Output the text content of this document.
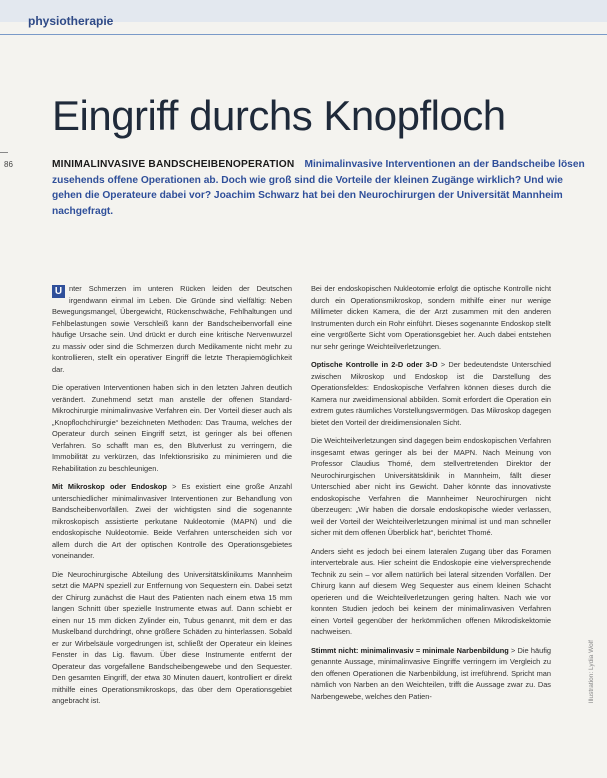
physiotherapie
86
Eingriff durchs Knopfloch
MINIMALINVASIVE BANDSCHEIBENOPERATION Minimalinvasive Interventionen an der Bandscheibe lösen zusehends offene Operationen ab. Doch wie groß sind die Vorteile der kleinen Zugänge wirklich? Und wie gehen die Operateure dabei vor? Joachim Schwarz hat bei den Neurochirurgen der Universität Mannheim nachgefragt.

U nter Schmerzen im unteren Rücken leiden der Deutschen irgendwann einmal im Leben. Die Gründe sind vielfältig: Neben Bewegungsmangel, Übergewicht, Rückenschwäche, Fehlhaltungen und Fehlbelastungen sowie Verschleiß kann der Bandscheibenvorfall eine häufige Ursache sein. Und drückt er durch eine kritische Nervenwurzel zu massiv oder sind die Schmerzen durch Medikamente nicht mehr zu kontrollieren, stellt ein operativer Eingriff die letzte Therapiemöglichkeit dar.

Die operativen Interventionen haben sich in den letzten Jahren deutlich verändert. Zunehmend setzt man anstelle der offenen Standard-Mikrochirurgie minimalinvasive Verfahren ein. Der Vorteil dieser auch als „Knopflochchirurgie“ bezeichneten Methoden: Das Trauma, welches der Operateur durch seinen Eingriff setzt, ist geringer als bei offenen Verfahren. So schafft man es, den Blutverlust zu verringern, die Immobilität zu verkürzen, das Infektionsrisiko zu minimieren und die Rehabilitation zu beschleunigen.

Mit Mikroskop oder Endoskop > Es existiert eine große Anzahl unterschiedlicher minimalinvasiver Interventionen zur Behandlung von Bandscheibenvorfällen. Zwei der wichtigsten sind die sogenannte mikroskopisch assistierte perkutane Nukleotomie (MAPN) und die endoskopische Nukleotomie. Beide Verfahren unterscheiden sich vor allem durch die Art der optischen Kontrolle des Operationsgebietes voneinander.

Die Neurochirurgische Abteilung des Universitätsklinikums Mannheim setzt die MAPN speziell zur Entfernung von Sequestern ein. Dabei setzt der Chirurg zunächst die Haut des Patienten nach einem etwa 15 mm langen Schnitt über spezielle Instrumente etwas auf. Dann schiebt er einen nur 15 mm dicken Zylinder ein, Tubus genannt, mit dem er das Muskelband durchdringt, ohne größere Schäden zu hinterlassen. Sobald er zur Wirbelsäule vorgedrungen ist, schließt der Operateur ein kleines Fenster in das Lig. flavum. Über diese Instrumente entfernt der Operateur das vorgefallene Bandscheibengewebe und den Sequester. Den gesamten Eingriff, der etwa 30 Minuten dauert, kontrolliert er direkt mithilfe eines Operationsmikroskops, das über dem Operationsgebiet angebracht ist.

Bei der endoskopischen Nukleotomie erfolgt die optische Kontrolle nicht durch ein Operationsmikroskop, sondern mithilfe einer nur wenige Millimeter dicken Kamera, die der Arzt zusammen mit den anderen Instrumenten durch ein Rohr einführt. Dieses sogenannte Endoskop stellt eine vergrößerte Sicht vom Operationsgebiet her. Auch dabei entstehen nur sehr geringe Weichteilverletzungen.

Optische Kontrolle in 2-D oder 3-D > Der bedeutendste Unterschied zwischen Mikroskop und Endoskop ist die Darstellung des Operationsfeldes: Endoskopische Verfahren können dieses durch die Kamera nur zweidimensional abbilden. Somit erfordert die Operation ein extrem gutes räumliches Vorstellungsvermögen. Das Mikroskop dagegen bietet den Vorteil der dreidimensionalen Sicht.

Die Weichteilverletzungen sind dagegen beim endoskopischen Verfahren insgesamt etwas geringer als bei der MAPN. Nach Meinung von Professor Claudius Thomé, dem stellvertretenden Direktor der Neurochirurgischen Universitätsklinik in Mannheim, fällt dieser Unterschied aber nicht ins Gewicht. Daher könnte das innovativste endoskopische Verfahren die Mannheimer Neurochirurgen nicht überzeugen: „Wir haben die dorsale endoskopische wieder verlassen, weil der Vorteil der Weichteilverletzungen minimal ist und man schneller sicher mit dem offenen Überblick hat“, berichtet Thomé.

Anders sieht es jedoch bei einem lateralen Zugang über das Foramen intervertebrale aus. Hier scheint die Endoskopie eine vielversprechende Technik zu sein – vor allem natürlich bei lateral sitzenden Vorfällen. Der Chirurg kann auf diesem Weg Sequester aus einem kleinen Schacht operieren und die Weichteilverletzungen gering halten. Nach wie vor konnten Studien jedoch bei keinem der minimalinvasiven Verfahren einen Vorteil gegenüber der herkömmlichen offenen Mikrodiskektomie nachweisen.

Stimmt nicht: minimalinvasiv = minimale Narbenbildung > Die häufig genannte Aussage, minimalinvasive Eingriffe verringern im Vergleich zu den offenen Operationen die Narbenbildung, ist irreführend. Spricht man nämlich von Narben an den Weichteilen, trifft die Aussage zwar zu. Das Narbengewebe, welches den Patien-	Illustration: Lydia Wolf
